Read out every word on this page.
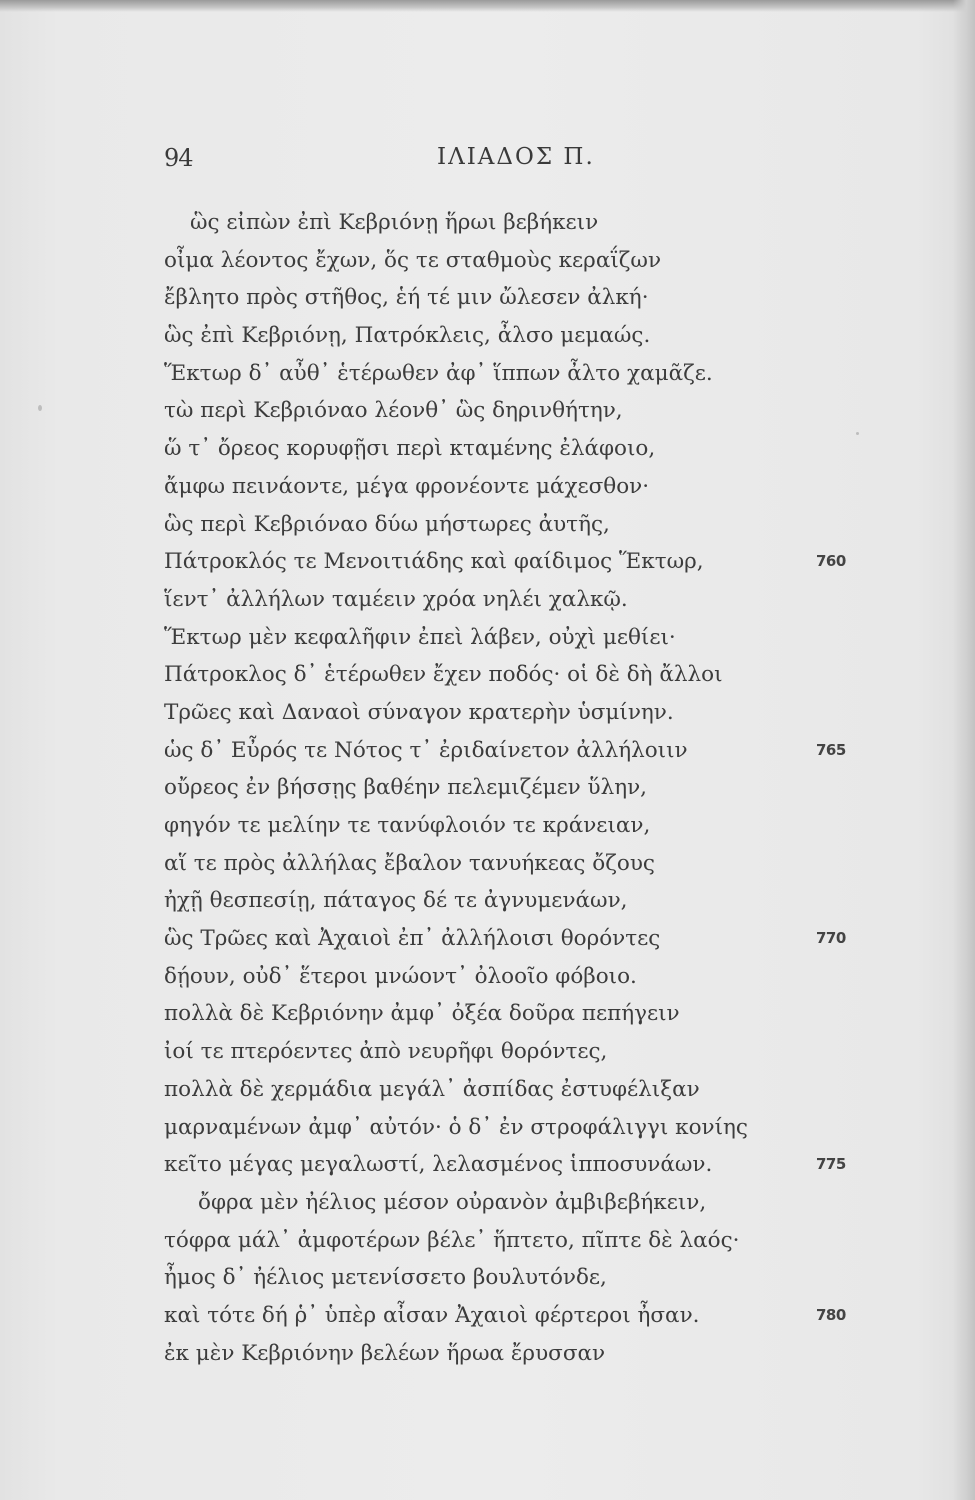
94	ΙΛΙΑΔΟΣ Π.
ὣς εἰπὼν ἐπὶ Κεβριόνῃ ἥρωι βεβήκειν
οἶμα λέοντος ἔχων, ὅς τε σταθμοὺς κεραΐζων
ἔβλητο πρὸς στῆθος, ἑή τέ μιν ὤλεσεν ἀλκή·
ὣς ἐπὶ Κεβριόνῃ, Πατρόκλεις, ἆλσο μεμαώς.
Ἕκτωρ δ᾽ αὖθ᾽ ἑτέρωθεν ἀφ᾽ ἵππων ἆλτο χαμᾶζε.
τὼ περὶ Κεβριόναο λέονθ᾽ ὣς δηρινθήτην,
ὥ τ᾽ ὄρεος κορυφῇσι περὶ κταμένης ἐλάφοιο,
ἄμφω πεινάοντε, μέγα φρονέοντε μάχεσθον·
ὣς περὶ Κεβριόναο δύω μήστωρες ἀυτῆς,
Πάτροκλός τε Μενοιτιάδης καὶ φαίδιμος Ἕκτωρ,	760
ἵεντ᾽ ἀλλήλων ταμέειν χρόα νηλέι χαλκῷ.
Ἕκτωρ μὲν κεφαλῆφιν ἐπεὶ λάβεν, οὐχὶ μεθίει·
Πάτροκλος δ᾽ ἑτέρωθεν ἔχεν ποδός· οἱ δὲ δὴ ἄλλοι
Τρῶες καὶ Δαναοὶ σύναγον κρατερὴν ὑσμίνην.
ὡς δ᾽ Εὖρός τε Νότος τ᾽ ἐριδαίνετον ἀλλήλοιιν	765
οὔρεος ἐν βήσσῃς βαθέην πελεμιζέμεν ὕλην,
φηγόν τε μελίην τε τανύφλοιόν τε κράνειαν,
αἵ τε πρὸς ἀλλήλας ἔβαλον τανυήκεας ὄζους
ἠχῇ θεσπεσίῃ, πάταγος δέ τε ἀγνυμενάων,
ὣς Τρῶες καὶ Ἀχαιοὶ ἐπ᾽ ἀλλήλοισι θορόντες	770
δῄουν, οὐδ᾽ ἕτεροι μνώοντ᾽ ὀλοοῖο φόβοιο.
πολλὰ δὲ Κεβριόνην ἀμφ᾽ ὀξέα δοῦρα πεπήγειν
ἰοί τε πτερόεντες ἀπὸ νευρῆφι θορόντες,
πολλὰ δὲ χερμάδια μεγάλ᾽ ἀσπίδας ἐστυφέλιξαν
μαρναμένων ἀμφ᾽ αὐτόν· ὁ δ᾽ ἐν στροφάλιγγι κονίης
κεῖτο μέγας μεγαλωστί, λελασμένος ἱπποσυνάων.	775
ὄφρα μὲν ἠέλιος μέσον οὐρανὸν ἀμβιβεβήκειν,
τόφρα μάλ᾽ ἀμφοτέρων βέλε᾽ ἥπτετο, πῖπτε δὲ λαός·
ἦμος δ᾽ ἠέλιος μετενίσσετο βουλυτόνδε,
καὶ τότε δή ῥ᾽ ὑπὲρ αἶσαν Ἀχαιοὶ φέρτεροι ἦσαν.	780
ἐκ μὲν Κεβριόνην βελέων ἥρωα ἔρυσσαν
